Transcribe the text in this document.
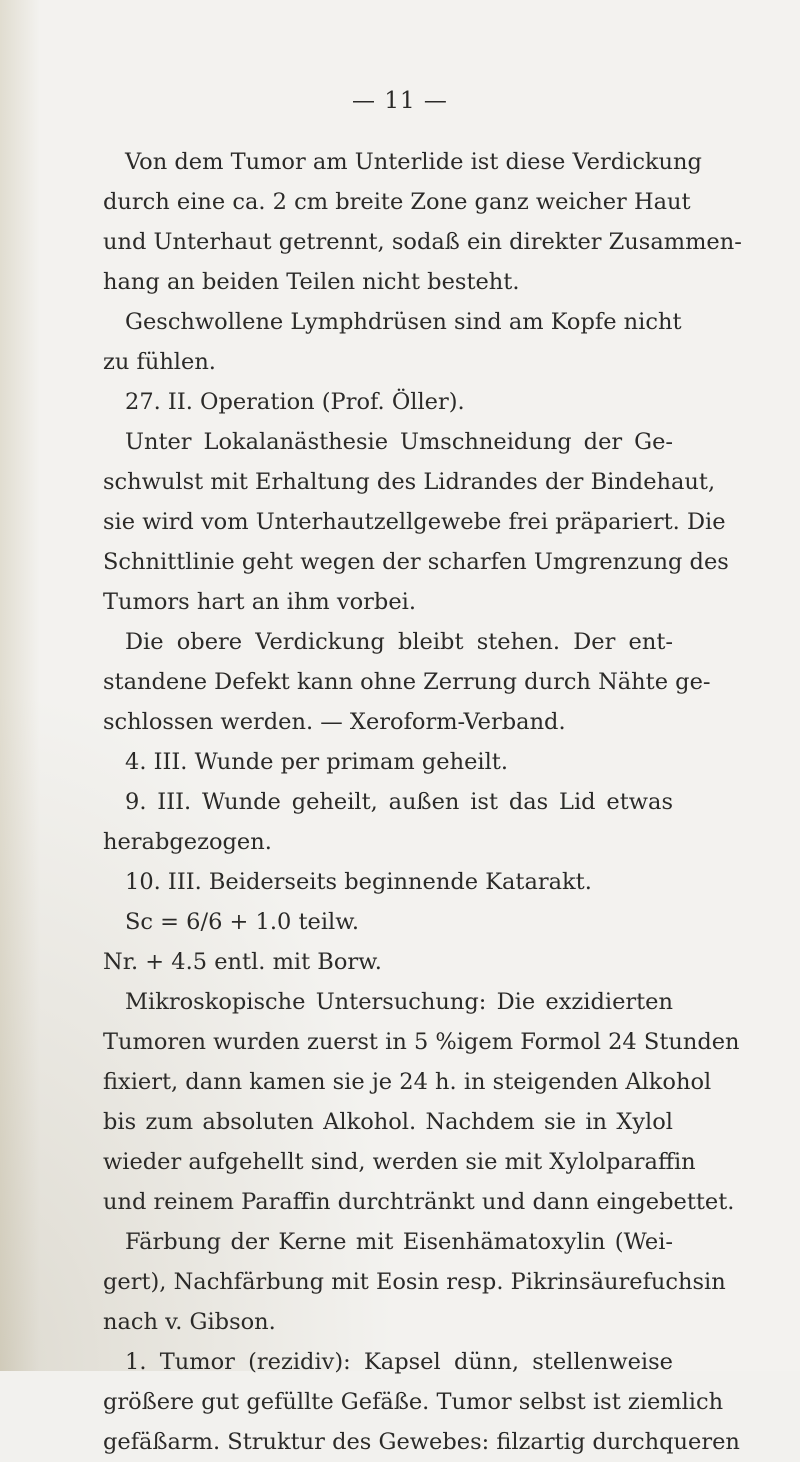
— 11 —
Von dem Tumor am Unterlide ist diese Verdickung
durch eine ca. 2 cm breite Zone ganz weicher Haut
und Unterhaut getrennt, sodaß ein direkter Zusammen-
hang an beiden Teilen nicht besteht.
Geschwollene Lymphdrüsen sind am Kopfe nicht
zu fühlen.
27. II. Operation (Prof. Öller).
Unter Lokalanästhesie Umschneidung der Ge-
schwulst mit Erhaltung des Lidrandes der Bindehaut,
sie wird vom Unterhautzellgewebe frei präpariert. Die
Schnittlinie geht wegen der scharfen Umgrenzung des
Tumors hart an ihm vorbei.
Die obere Verdickung bleibt stehen. Der ent-
standene Defekt kann ohne Zerrung durch Nähte ge-
schlossen werden. — Xeroform-Verband.
4. III. Wunde per primam geheilt.
9. III. Wunde geheilt, außen ist das Lid etwas
herabgezogen.
10. III. Beiderseits beginnende Katarakt.
Sc = 6/6 + 1.0 teilw.
Nr. + 4.5 entl. mit Borw.
Mikroskopische Untersuchung: Die exzidierten
Tumoren wurden zuerst in 5 %igem Formol 24 Stunden
fixiert, dann kamen sie je 24 h. in steigenden Alkohol
bis zum absoluten Alkohol. Nachdem sie in Xylol
wieder aufgehellt sind, werden sie mit Xylolparaffin
und reinem Paraffin durchtränkt und dann eingebettet.
Färbung der Kerne mit Eisenhämatoxylin (Wei-
gert), Nachfärbung mit Eosin resp. Pikrinsäurefuchsin
nach v. Gibson.
1. Tumor (rezidiv): Kapsel dünn, stellenweise
größere gut gefüllte Gefäße. Tumor selbst ist ziemlich
gefäßarm. Struktur des Gewebes: filzartig durchqueren
